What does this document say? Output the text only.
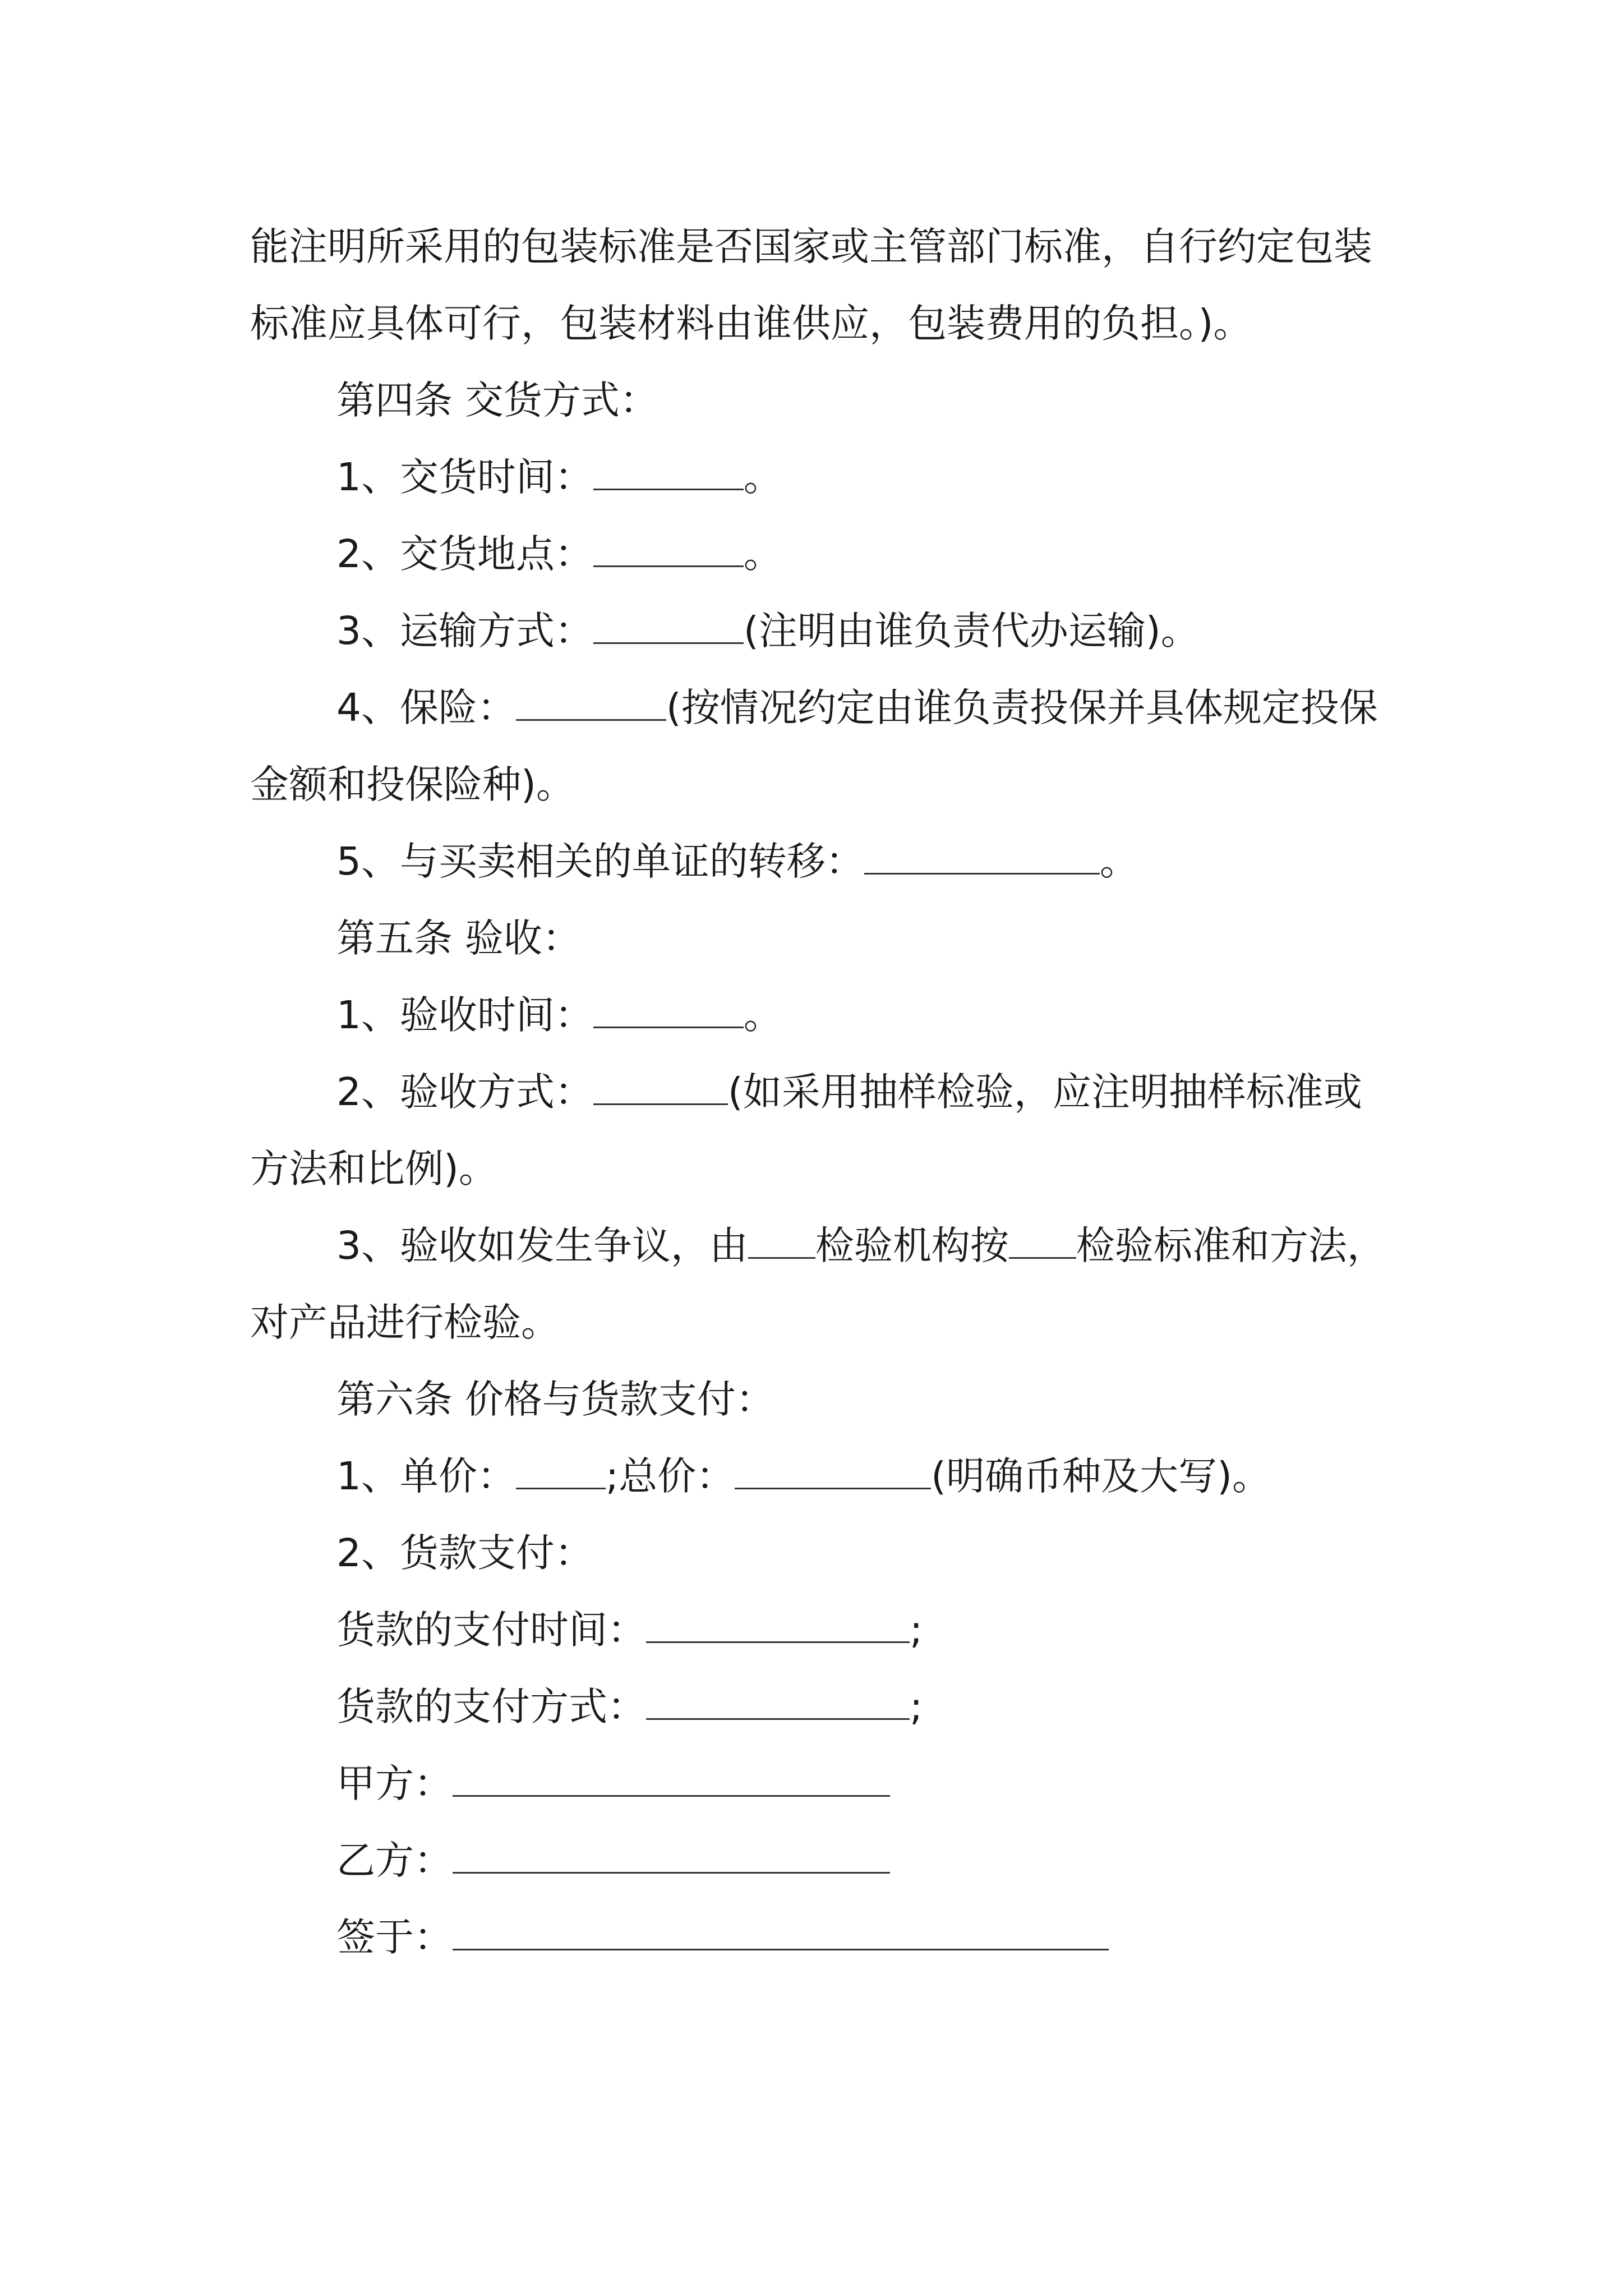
能注明所采用的包装标准是否国家或主管部门标准，自行约定包装标准应具体可行，包装材料由谁供应，包装费用的负担。)。

第四条 交货方式：

1、交货时间：	。

2、交货地点：	。

3、运输方式：	(注明由谁负责代办运输)。

4、保险：	(按情况约定由谁负责投保并具体规定投保金额和投保险种)。

5、与买卖相关的单证的转移：	。

第五条 验收：

1、验收时间：	。

2、验收方式：	(如采用抽样检验，应注明抽样标准或方法和比例)。

3、验收如发生争议，由 检验机构按 检验标准和方法，对产品进行检验。

第六条 价格与货款支付：

1、单价： ;总价：	(明确币种及大写)。

2、货款支付：

货款的支付时间：	;

货款的支付方式：	;

甲方：

乙方：

签于：
